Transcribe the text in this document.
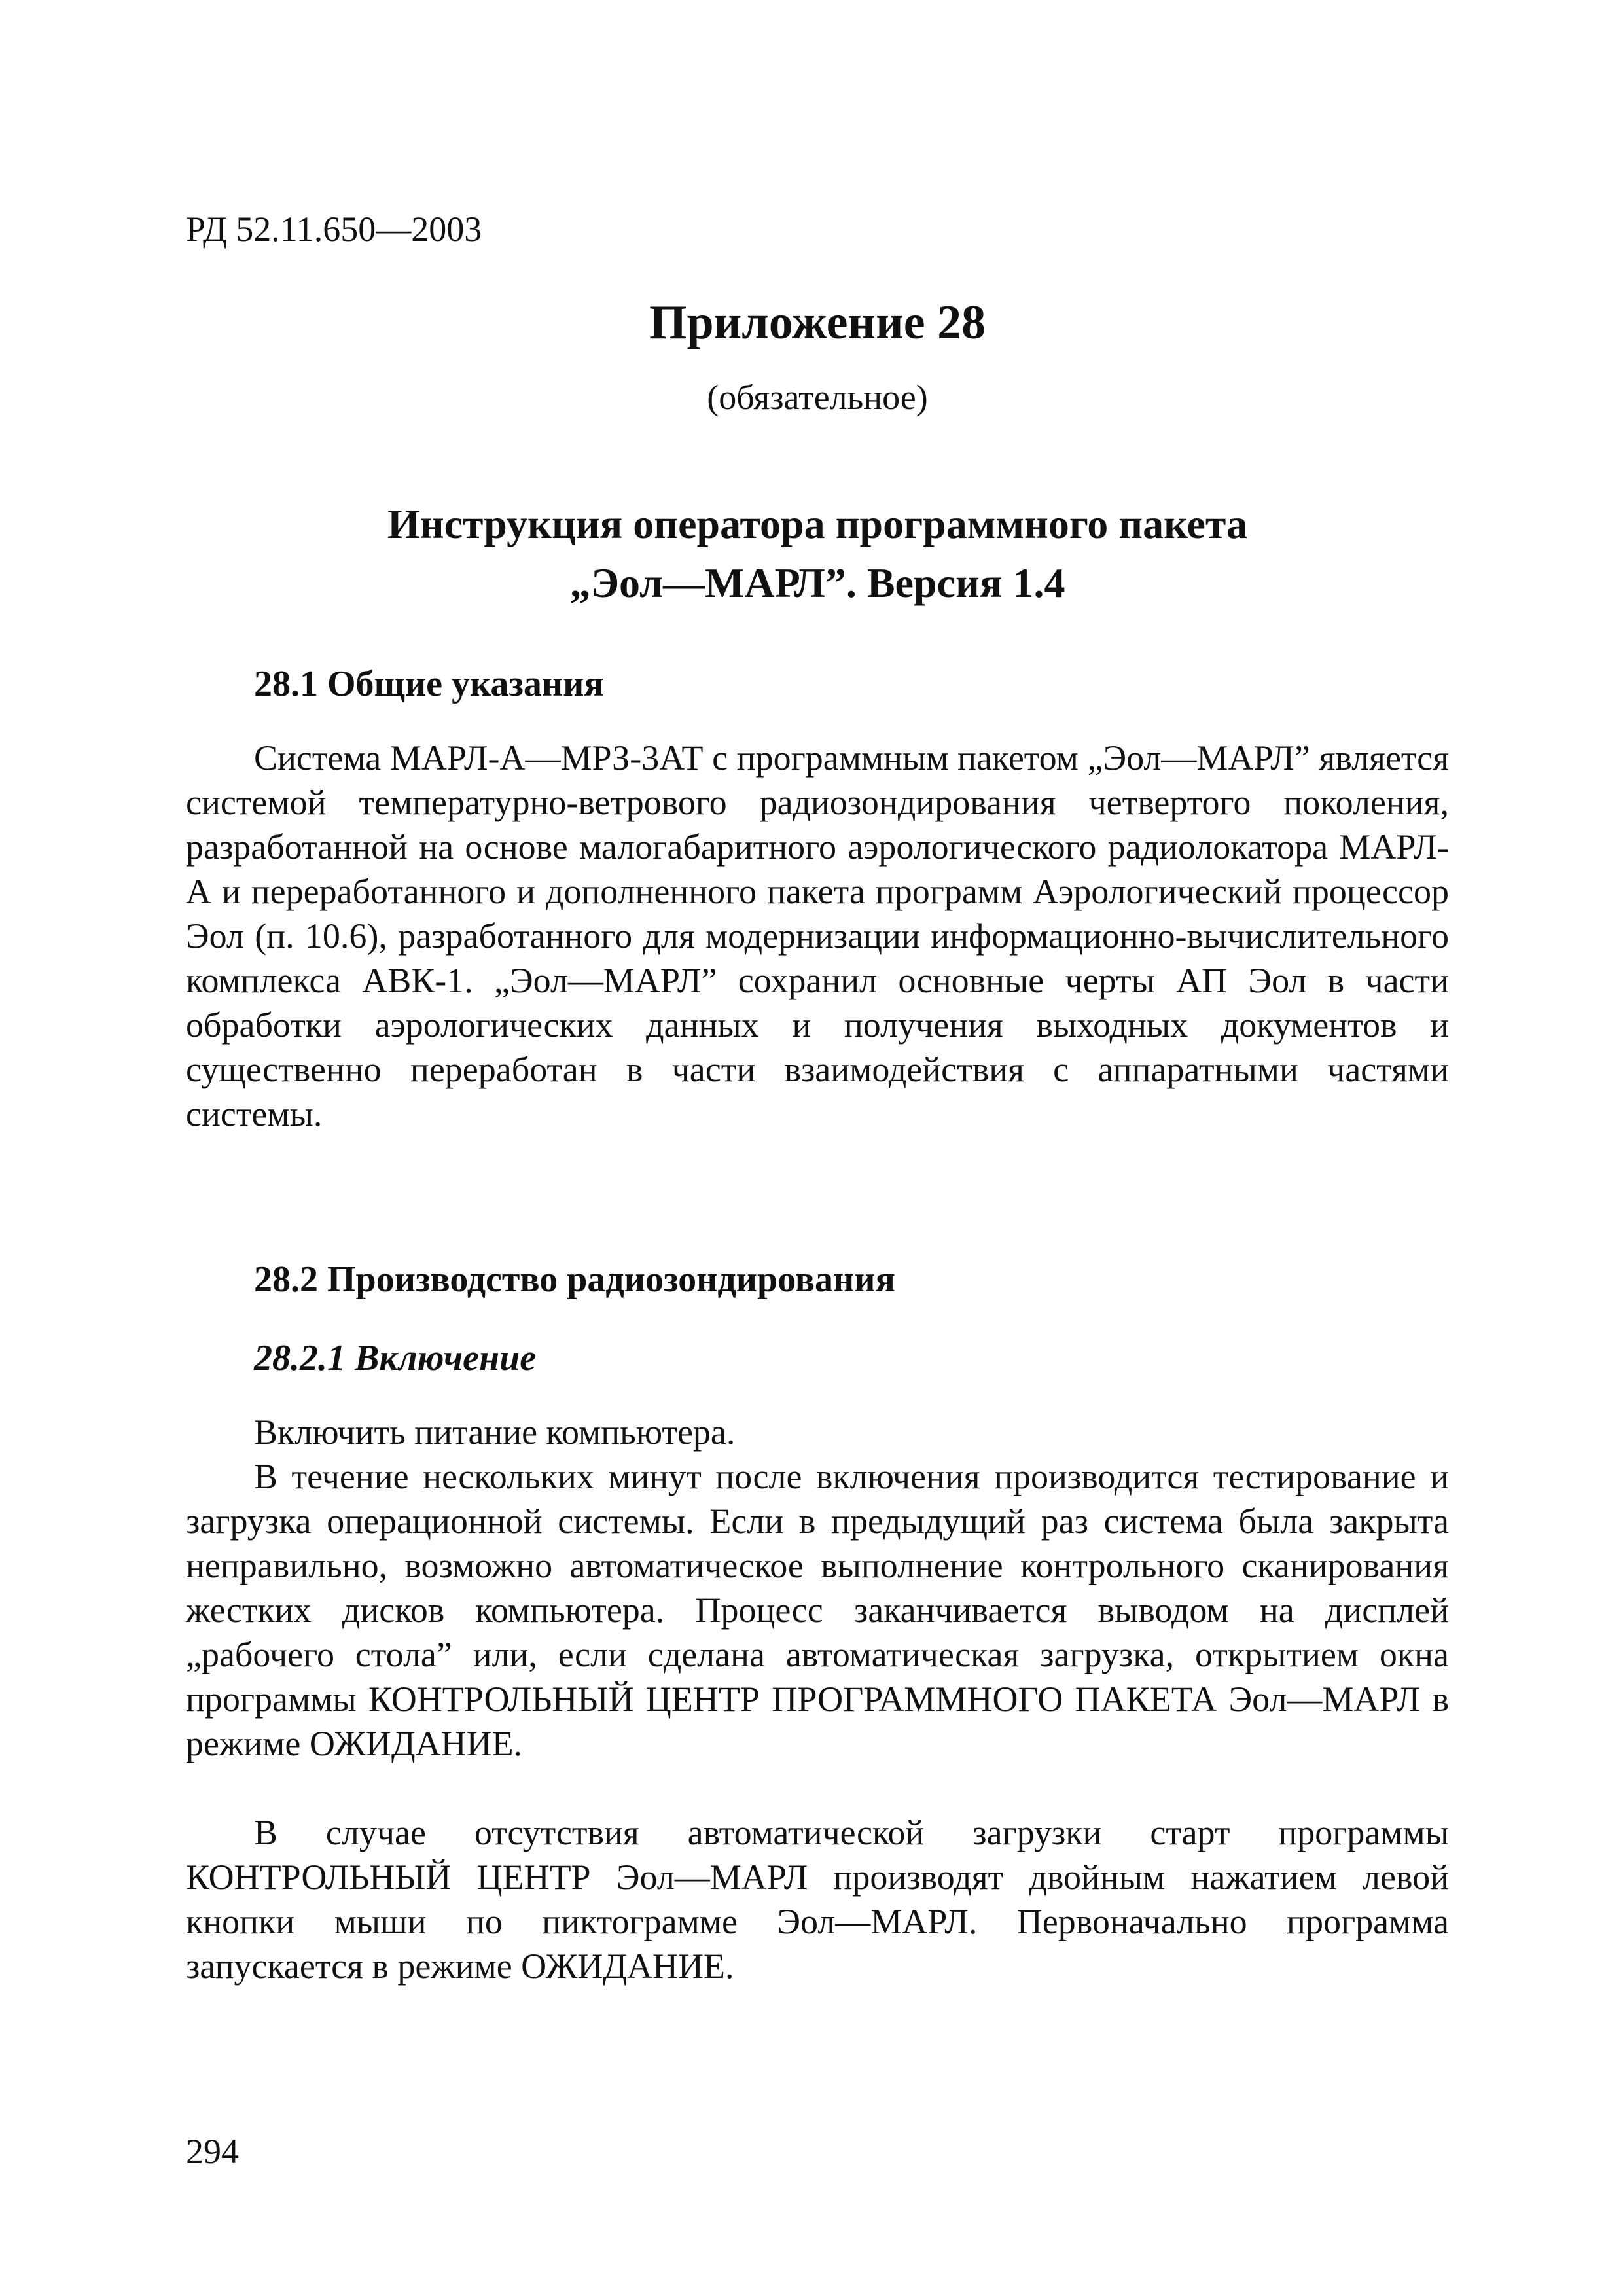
РД 52.11.650—2003
Приложение 28
(обязательное)
Инструкция оператора программного пакета
„Эол—МАРЛ”. Версия 1.4
28.1 Общие указания

Система МАРЛ-А—МРЗ-3АТ с программным пакетом „Эол—МАРЛ” является системой температурно-ветрового радиозондирования четвертого поколения, разработанной на основе малогабаритного аэрологического радиолокатора МАРЛ-А и переработанного и дополненного пакета программ Аэрологический процессор Эол (п. 10.6), разработанного для модернизации информационно-вычислительного комплекса АВК-1. „Эол—МАРЛ” сохранил основные черты АП Эол в части обработки аэрологических данных и получения выходных документов и существенно переработан в части взаимодействия с аппаратными частями системы.

28.2 Производство радиозондирования
28.2.1 Включение

Включить питание компьютера.

В течение нескольких минут после включения производится тестирование и загрузка операционной системы. Если в предыдущий раз система была закрыта неправильно, возможно автоматическое выполнение контрольного сканирования жестких дисков компьютера. Процесс заканчивается выводом на дисплей „рабочего стола” или, если сделана автоматическая загрузка, открытием окна программы КОНТРОЛЬНЫЙ ЦЕНТР ПРОГРАММНОГО ПАКЕТА Эол—МАРЛ в режиме ОЖИДАНИЕ.

В случае отсутствия автоматической загрузки старт программы КОНТРОЛЬНЫЙ ЦЕНТР Эол—МАРЛ производят двойным нажатием левой кнопки мыши по пиктограмме Эол—МАРЛ. Первоначально программа запускается в режиме ОЖИДАНИЕ.

294
